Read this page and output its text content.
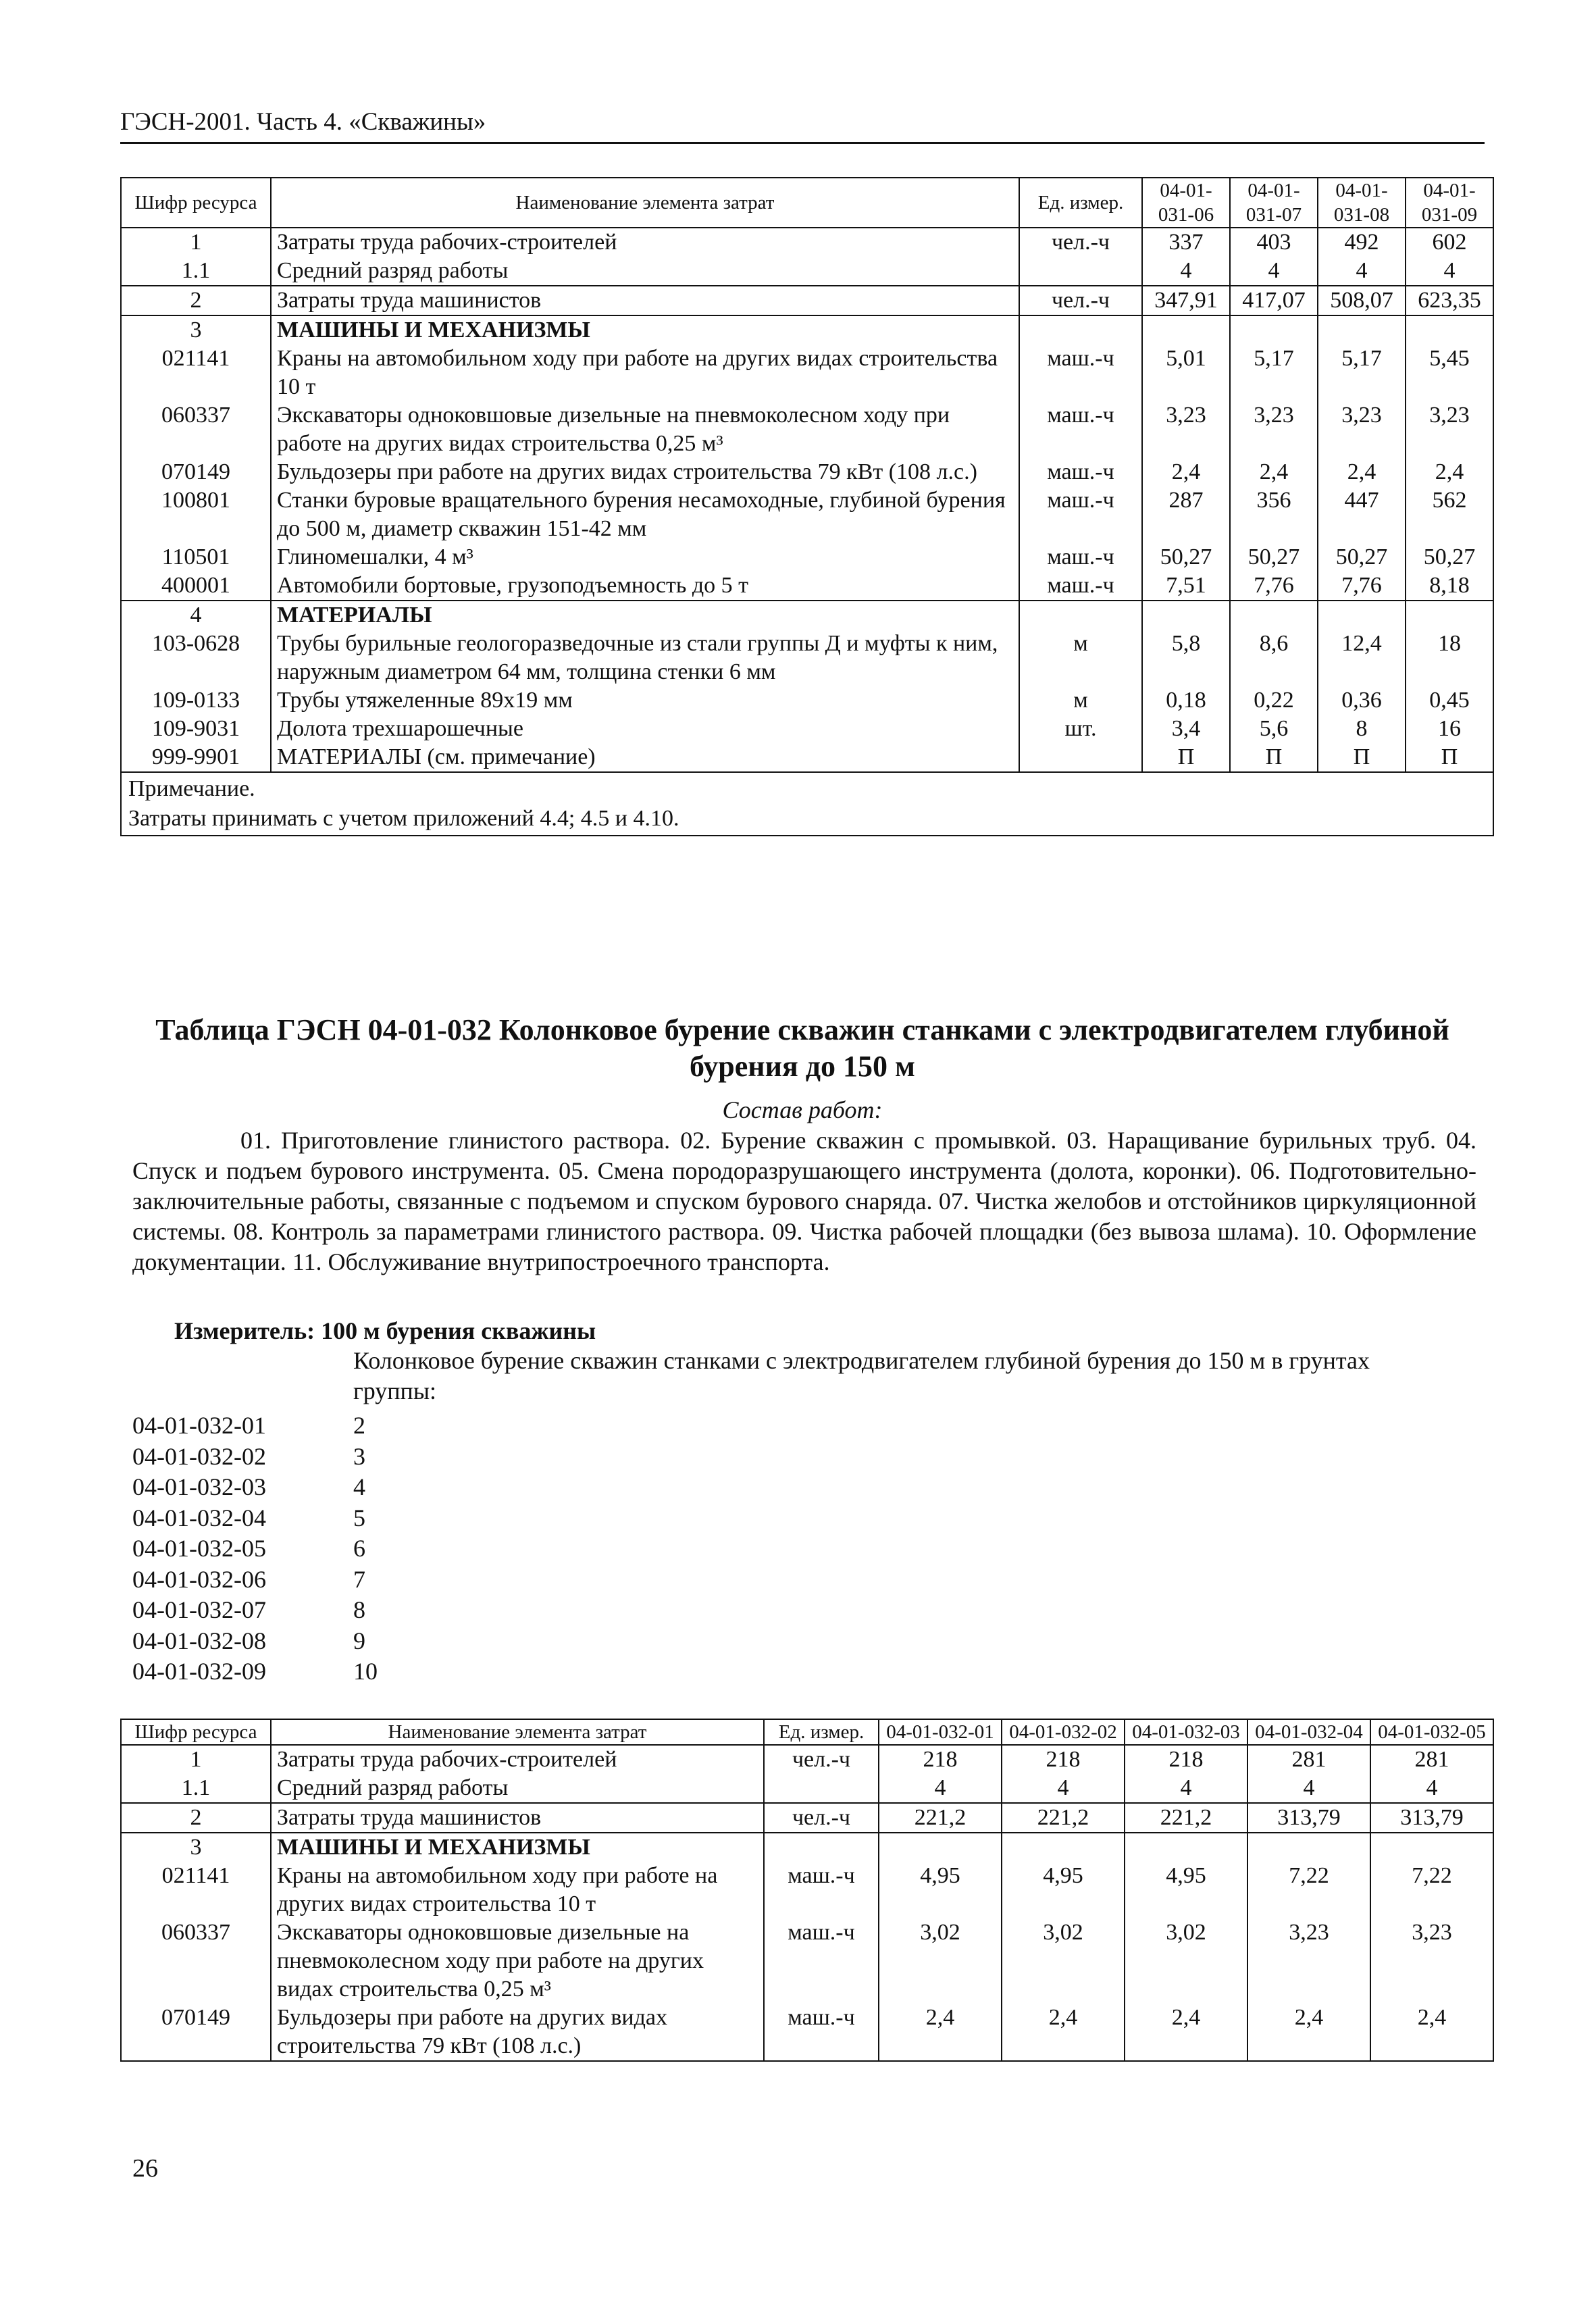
ГЭСН-2001. Часть 4. «Скважины»
Шифр ресурса	Наименование элемента затрат	Ед. измер.	04-01-031-06	04-01-031-07	04-01-031-08	04-01-031-09
1	Затраты труда рабочих-строителей	чел.-ч	337	403	492	602
1.1	Средний разряд работы		4	4	4	4
2	Затраты труда машинистов	чел.-ч	347,91	417,07	508,07	623,35
3	МАШИНЫ И МЕХАНИЗМЫ					
021141	Краны на автомобильном ходу при работе на других видах строительства 10 т	маш.-ч	5,01	5,17	5,17	5,45
060337	Экскаваторы одноковшовые дизельные на пневмоколесном ходу при работе на других видах строительства 0,25 м³	маш.-ч	3,23	3,23	3,23	3,23
070149	Бульдозеры при работе на других видах строительства 79 кВт (108 л.с.)	маш.-ч	2,4	2,4	2,4	2,4
100801	Станки буровые вращательного бурения несамоходные, глубиной бурения до 500 м, диаметр скважин 151-42 мм	маш.-ч	287	356	447	562
110501	Глиномешалки, 4 м³	маш.-ч	50,27	50,27	50,27	50,27
400001	Автомобили бортовые, грузоподъемность до 5 т	маш.-ч	7,51	7,76	7,76	8,18
4	МАТЕРИАЛЫ					
103-0628	Трубы бурильные геологоразведочные из стали группы Д и муфты к ним, наружным диаметром 64 мм, толщина стенки 6 мм	м	5,8	8,6	12,4	18
109-0133	Трубы утяжеленные 89х19 мм	м	0,18	0,22	0,36	0,45
109-9031	Долота трехшарошечные	шт.	3,4	5,6	8	16
999-9901	МАТЕРИАЛЫ (см. примечание)		П	П	П	П

Примечание.
Затраты принимать с учетом приложений 4.4; 4.5 и 4.10.						
Таблица ГЭСН 04-01-032 Колонковое бурение скважин станками с электродвигателем глубиной бурения до 150 м
Состав работ:
01. Приготовление глинистого раствора. 02. Бурение скважин с промывкой. 03. Наращивание бурильных труб. 04. Спуск и подъем бурового инструмента. 05. Смена породоразрушающего инструмента (долота, коронки). 06. Подготовительно-заключительные работы, связанные с подъемом и спуском бурового снаряда. 07. Чистка желобов и отстойников циркуляционной системы. 08. Контроль за параметрами глинистого раствора. 09. Чистка рабочей площадки (без вывоза шлама). 10. Оформление документации. 11. Обслуживание внутрипостроечного транспорта.
Измеритель: 100 м бурения скважины
Колонковое бурение скважин станками с электродвигателем глубиной бурения до 150 м в грунтах группы:
04-01-032-01	2
04-01-032-02	3
04-01-032-03	4
04-01-032-04	5
04-01-032-05	6
04-01-032-06	7
04-01-032-07	8
04-01-032-08	9
04-01-032-09	10
Шифр ресурса	Наименование элемента затрат	Ед. измер.	04-01-032-01	04-01-032-02	04-01-032-03	04-01-032-04	04-01-032-05
1	Затраты труда рабочих-строителей	чел.-ч	218	218	218	281	281
1.1	Средний разряд работы		4	4	4	4	4
2	Затраты труда машинистов	чел.-ч	221,2	221,2	221,2	313,79	313,79
3	МАШИНЫ И МЕХАНИЗМЫ						
021141	Краны на автомобильном ходу при работе на других видах строительства 10 т	маш.-ч	4,95	4,95	4,95	7,22	7,22
060337	Экскаваторы одноковшовые дизельные на пневмоколесном ходу при работе на других видах строительства 0,25 м³	маш.-ч	3,02	3,02	3,02	3,23	3,23
070149	Бульдозеры при работе на других видах строительства 79 кВт (108 л.с.)	маш.-ч	2,4	2,4	2,4	2,4	2,4
26
